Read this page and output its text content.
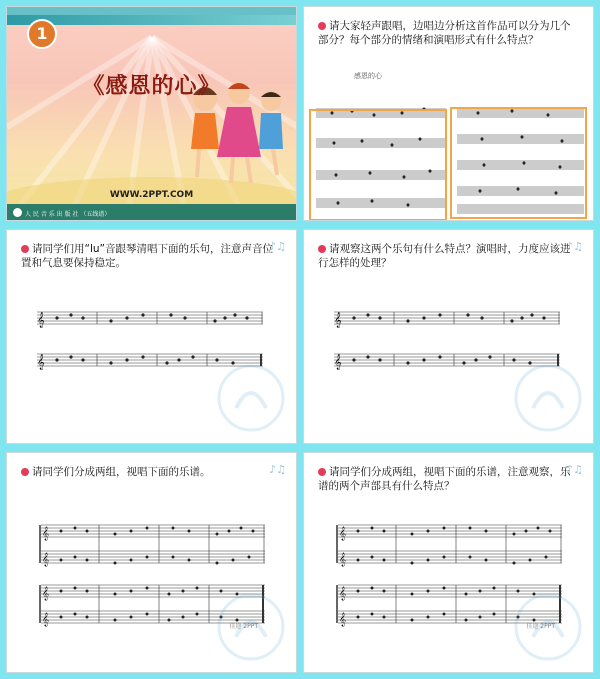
1
《感恩的心》
WWW.2PPT.COM
人 民 音 乐 出 版 社 （五线谱）
请大家轻声跟唱，边唱边分析这首作品可以分为几个部分？每个部分的情绪和演唱形式有什么特点？
感恩的心
请同学们用“lu”音跟琴清唱下面的乐句，注意声音位置和气息要保持稳定。
♪♫
𝄞
𝄞
请观察这两个乐句有什么特点？演唱时，力度应该进行怎样的处理？
♪♫
𝄞
𝄞
请同学们分成两组，视唱下面的乐谱。	♪♫
𝄞
𝄞
𝄞
𝄞
佳途 2PPT
请同学们分成两组，视唱下面的乐谱，注意观察，乐谱的两个声部具有什么特点？
♪♫
𝄞
𝄞
𝄞
𝄞
佳途 2PPT
